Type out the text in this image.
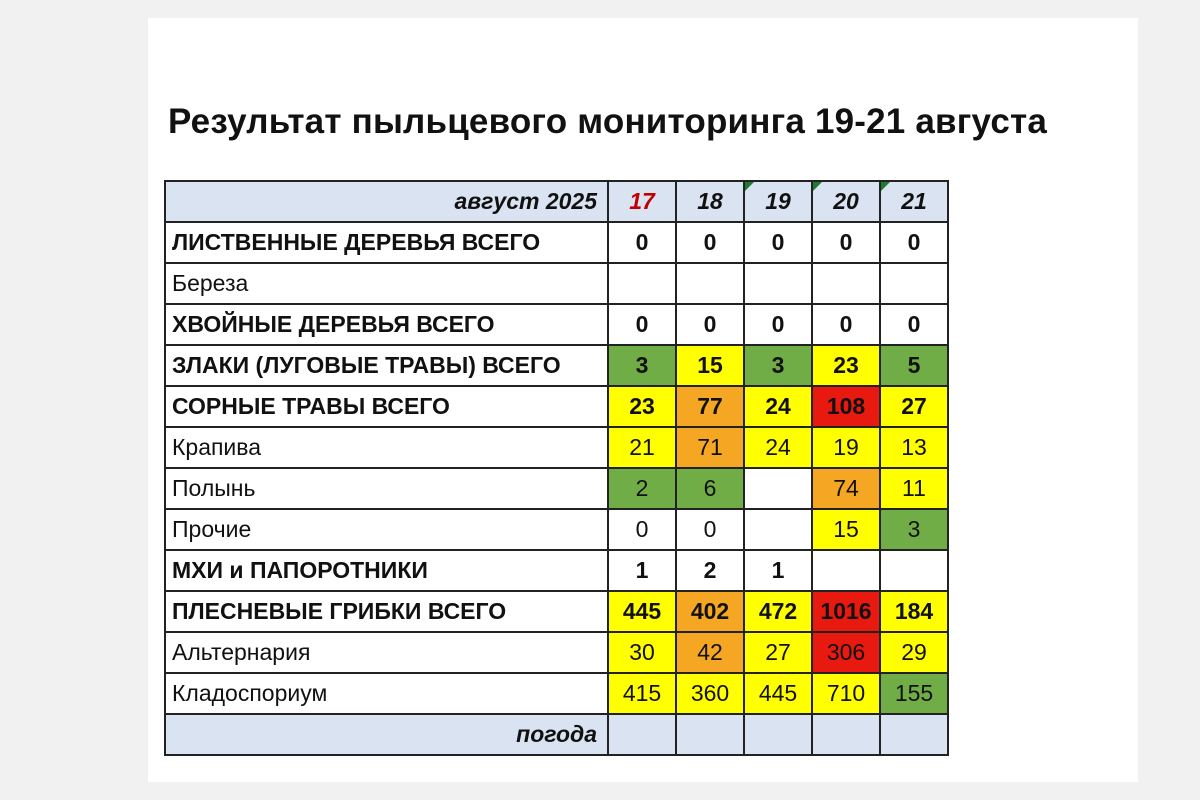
Результат пыльцевого мониторинга 19-21 августа
август 2025	17	18	19	20	21
ЛИСТВЕННЫЕ ДЕРЕВЬЯ ВСЕГО	0	0	0	0	0
Береза					
ХВОЙНЫЕ ДЕРЕВЬЯ ВСЕГО	0	0	0	0	0
ЗЛАКИ (ЛУГОВЫЕ ТРАВЫ) ВСЕГО	3	15	3	23	5
СОРНЫЕ ТРАВЫ ВСЕГО	23	77	24	108	27
Крапива	21	71	24	19	13
Полынь	2	6		74	11
Прочие	0	0		15	3
МХИ и ПАПОРОТНИКИ	1	2	1		
ПЛЕСНЕВЫЕ ГРИБКИ ВСЕГО	445	402	472	1016	184
Альтернария	30	42	27	306	29
Кладоспориум	415	360	445	710	155
погода					
